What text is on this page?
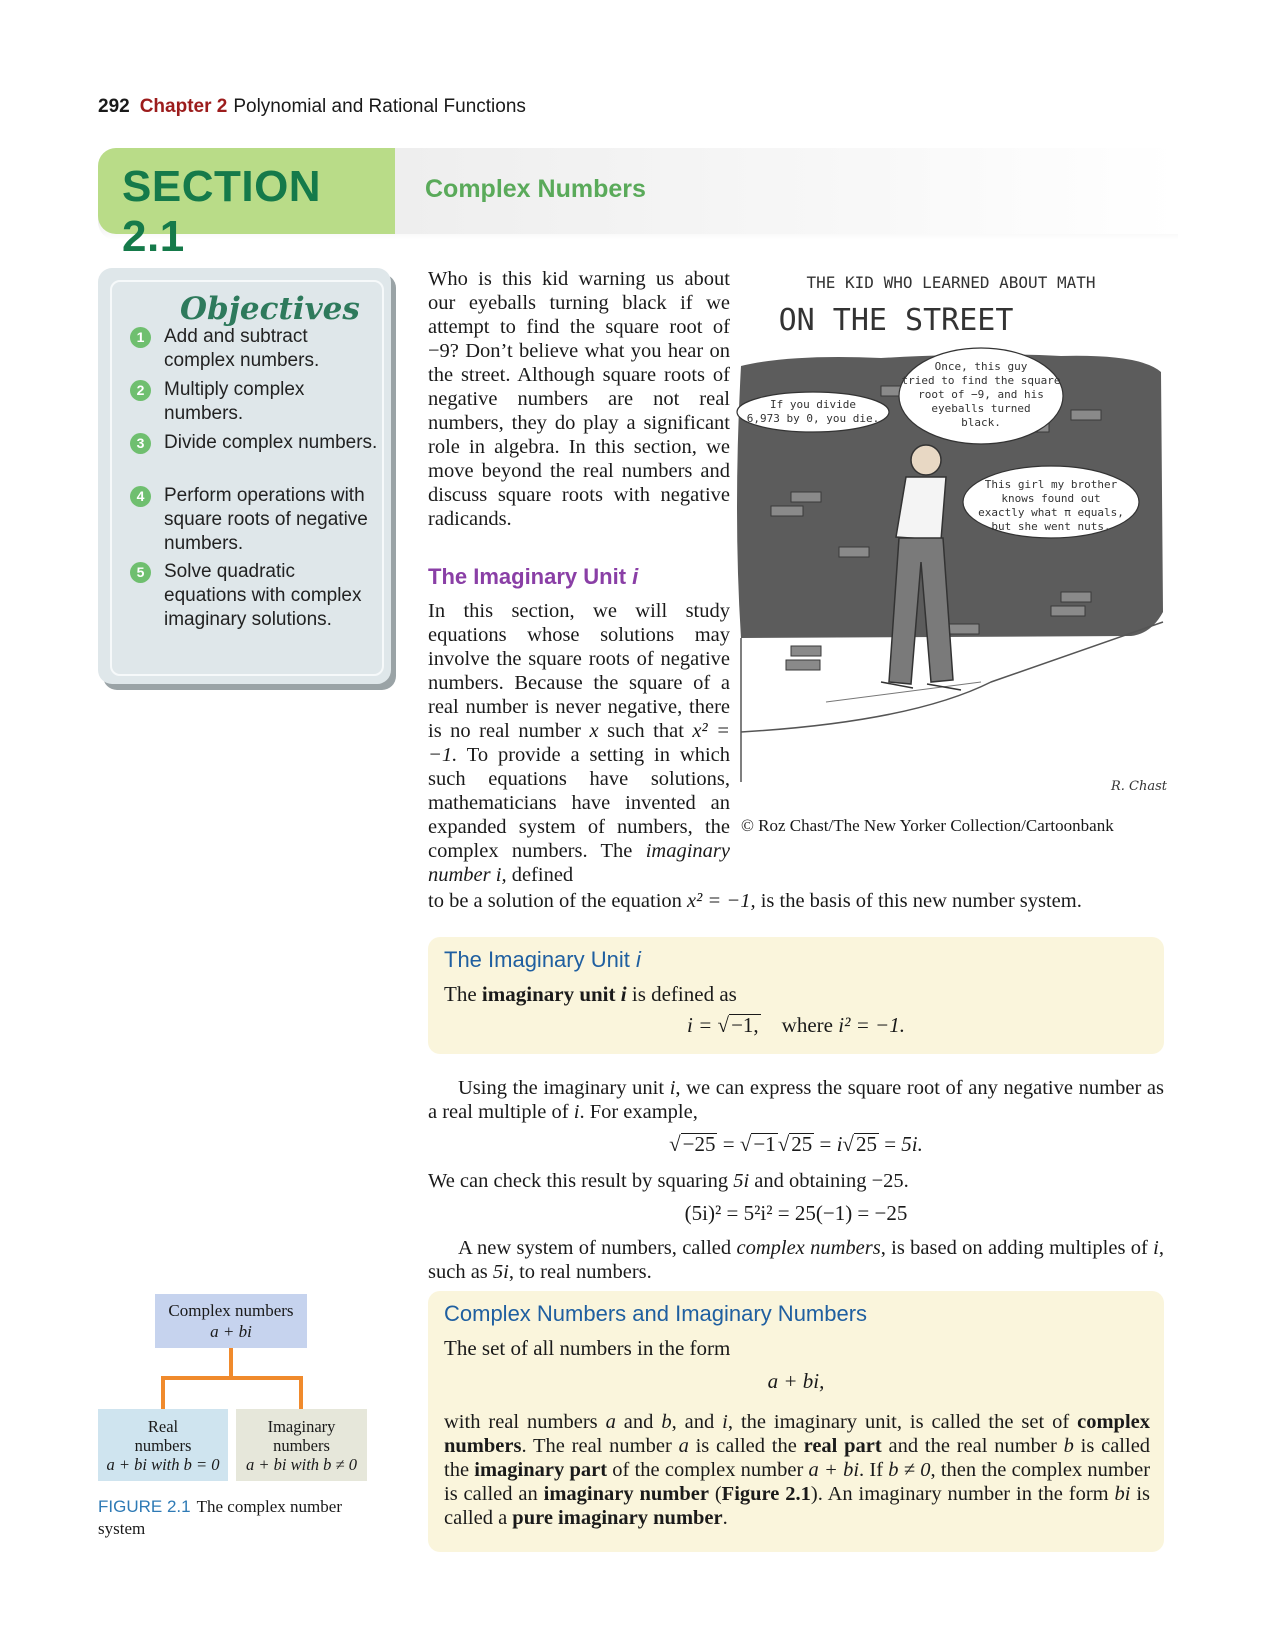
292 Chapter 2 Polynomial and Rational Functions
Complex Numbers
SECTION 2.1
Objectives
1	Add and subtract complex numbers.
2	Multiply complex numbers.
3	Divide complex numbers.
4	Perform operations with square roots of negative numbers.
5	Solve quadratic equations with complex imaginary solutions.
Who is this kid warning us about our eyeballs turning black if we attempt to find the square root of −9? Don’t believe what you hear on the street. Although square roots of negative numbers are not real numbers, they do play a significant role in algebra. In this section, we move beyond the real numbers and discuss square roots with negative radicands.
The Imaginary Unit i
In this section, we will study equations whose solutions may involve the square roots of negative numbers. Because the square of a real number is never negative, there is no real number x such that x² = −1. To provide a setting in which such equations have solutions, mathematicians have invented an expanded system of numbers, the complex numbers. The imaginary number i, defined
to be a solution of the equation x² = −1, is the basis of this new number system.
THE KID WHO LEARNED ABOUT MATH
ON THE STREET
If you divide
6,973 by 0, you die.
Once, this guy
tried to find the square
root of −9, and his
eyeballs turned
black.
This girl my brother
knows found out
exactly what π equals,
but she went nuts.
R. Chast
© Roz Chast/The New Yorker Collection/Cartoonbank
The Imaginary Unit i
The imaginary unit i is defined as
i = √−1, where i² = −1.
Using the imaginary unit i, we can express the square root of any negative number as a real multiple of i. For example,
√−25 = √−1√25 = i√25 = 5i.
We can check this result by squaring 5i and obtaining −25.
(5i)² = 5²i² = 25(−1) = −25
A new system of numbers, called complex numbers, is based on adding multiples of i, such as 5i, to real numbers.
Complex Numbers and Imaginary Numbers
The set of all numbers in the form
a + bi,
with real numbers a and b, and i, the imaginary unit, is called the set of complex numbers. The real number a is called the real part and the real number b is called the imaginary part of the complex number a + bi. If b ≠ 0, then the complex number is called an imaginary number (Figure 2.1). An imaginary number in the form bi is called a pure imaginary number.
Complex numbers
a + bi
Real
numbers
a + bi with b = 0
Imaginary
numbers
a + bi with b ≠ 0
FIGURE 2.1 The complex number system
